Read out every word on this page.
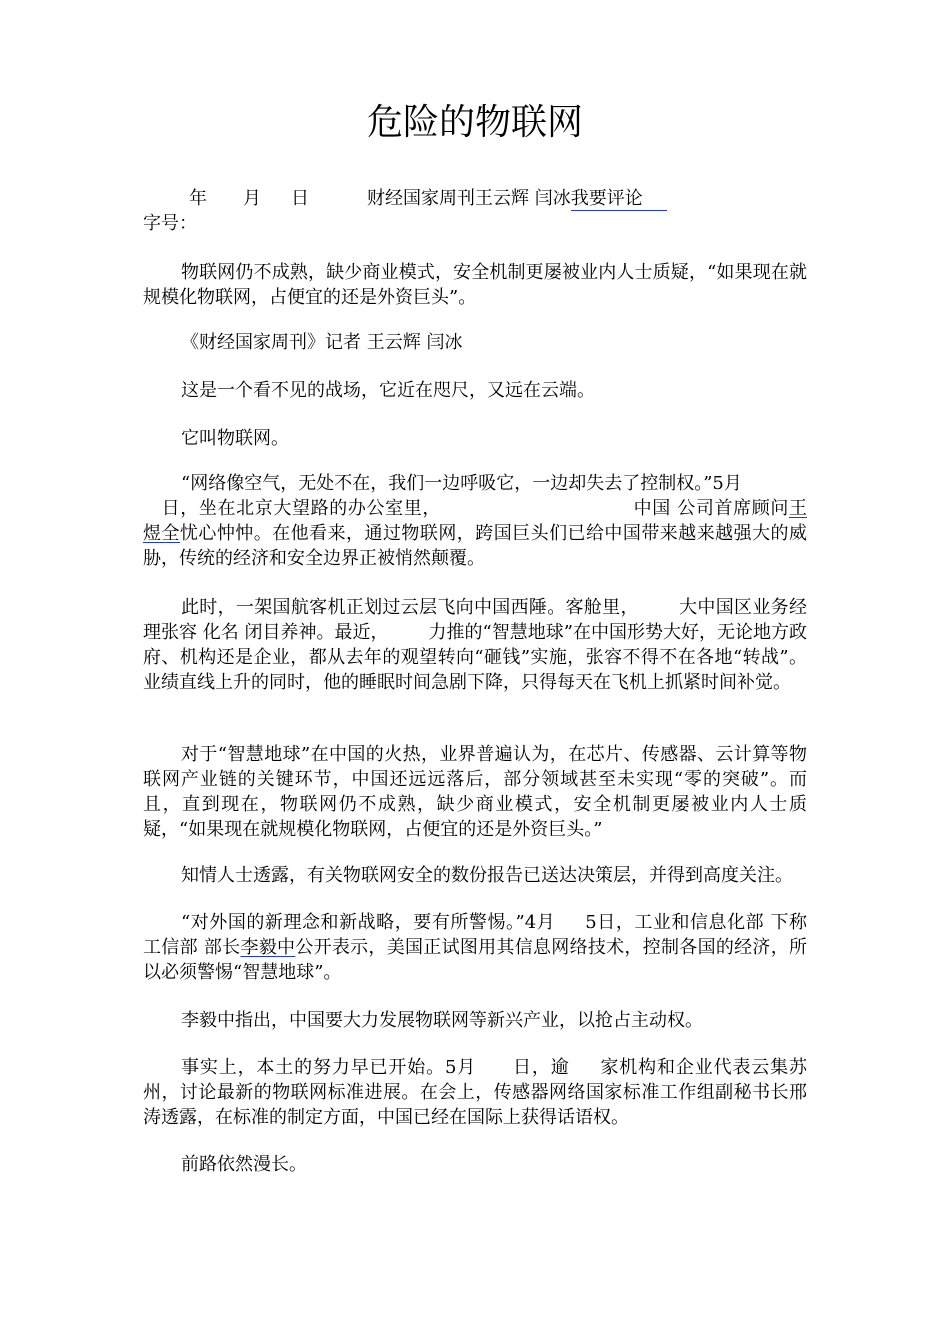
危险的物联网

年 月 日	财经国家周刊王云辉 闫冰我要评论
字号：

物联网仍不成熟，缺少商业模式，安全机制更屡被业内人士质疑，“如果现在就规模化物联网，占便宜的还是外资巨头”。

《财经国家周刊》记者 王云辉 闫冰

这是一个看不见的战场，它近在咫尺，又远在云端。

它叫物联网。

“网络像空气，无处不在，我们一边呼吸它，一边却失去了控制权。”5月
日，坐在北京大望路的办公室里，	中国 公司首席顾问王煜全忧心忡忡。在他看来，通过物联网，跨国巨头们已给中国带来越来越强大的威胁，传统的经济和安全边界正被悄然颠覆。

此时，一架国航客机正划过云层飞向中国西陲。客舱里， 大中国区业务经理张容 化名 闭目养神。最近， 力推的“智慧地球”在中国形势大好，无论地方政府、机构还是企业，都从去年的观望转向“砸钱”实施，张容不得不在各地“转战”。业绩直线上升的同时，他的睡眠时间急剧下降，只得每天在飞机上抓紧时间补觉。

对于“智慧地球”在中国的火热，业界普遍认为，在芯片、传感器、云计算等物联网产业链的关键环节，中国还远远落后，部分领域甚至未实现“零的突破”。而且，直到现在，物联网仍不成熟，缺少商业模式，安全机制更屡被业内人士质疑，“如果现在就规模化物联网，占便宜的还是外资巨头。”

知情人士透露，有关物联网安全的数份报告已送达决策层，并得到高度关注。

“对外国的新理念和新战略，要有所警惕。”4月 5日，工业和信息化部 下称工信部 部长李毅中公开表示，美国正试图用其信息网络技术，控制各国的经济，所以必须警惕“智慧地球”。

李毅中指出，中国要大力发展物联网等新兴产业，以抢占主动权。

事实上，本土的努力早已开始。5月 日，逾 家机构和企业代表云集苏州，讨论最新的物联网标准进展。在会上，传感器网络国家标准工作组副秘书长邢涛透露，在标准的制定方面，中国已经在国际上获得话语权。

前路依然漫长。
